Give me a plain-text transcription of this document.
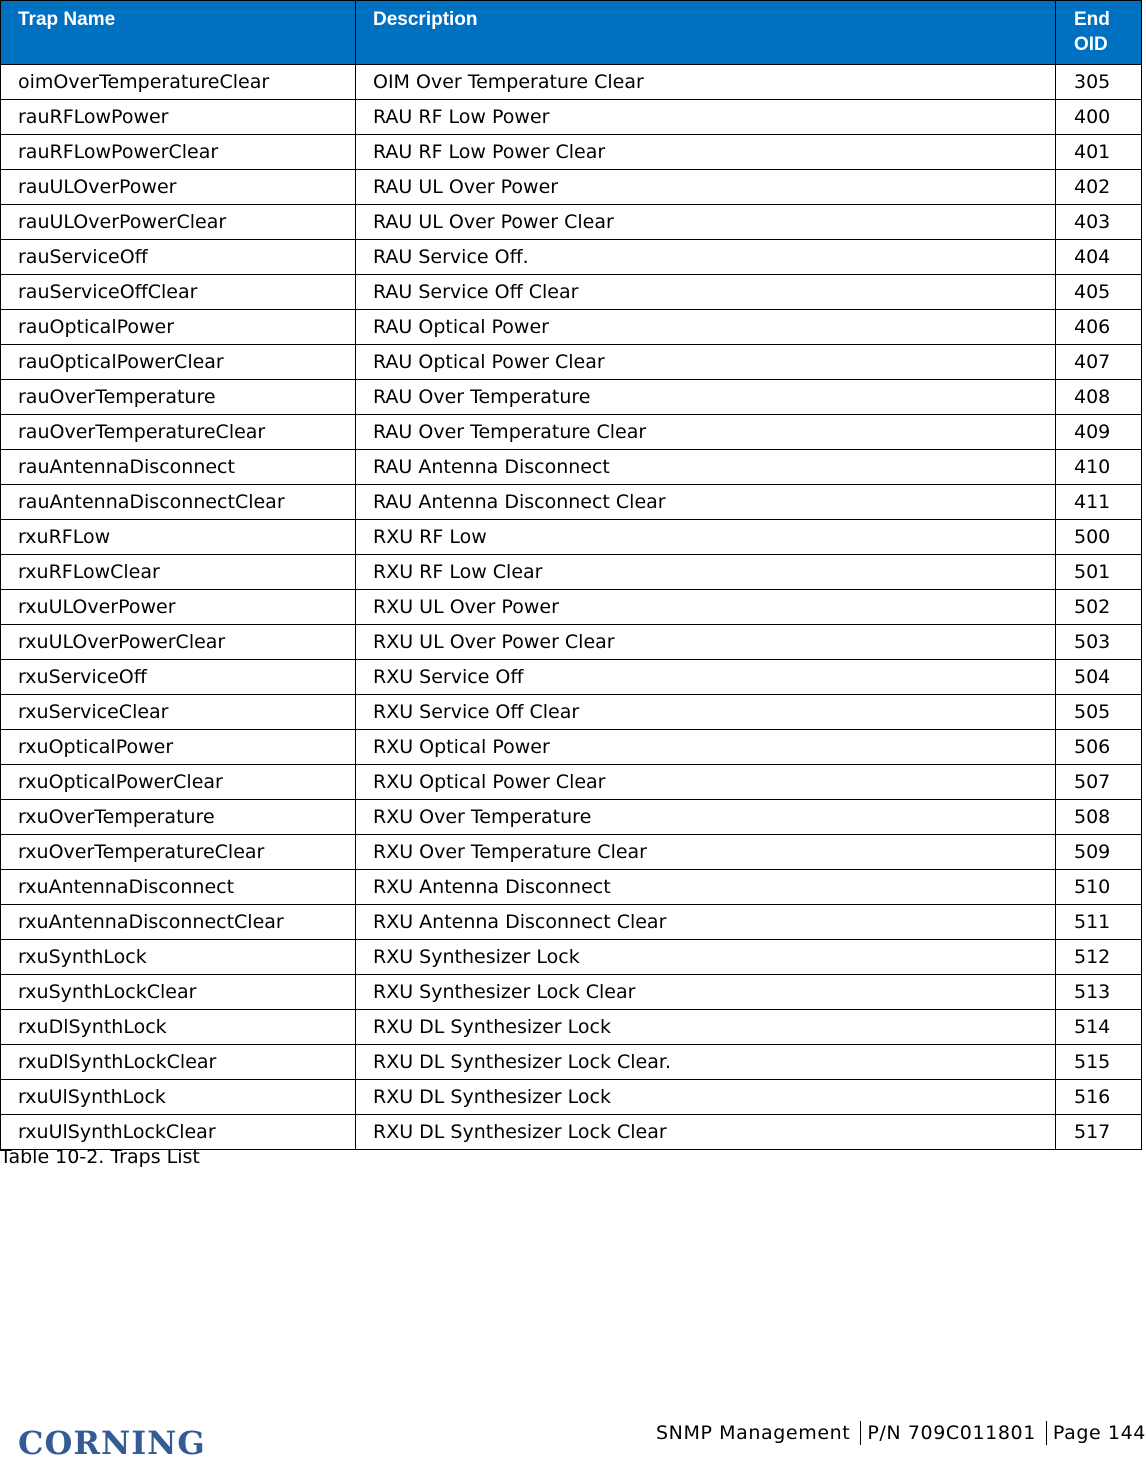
Trap Name	Description	End OID
oimOverTemperatureClear	OIM Over Temperature Clear	305
rauRFLowPower	RAU RF Low Power	400
rauRFLowPowerClear	RAU RF Low Power Clear	401
rauULOverPower	RAU UL Over Power	402
rauULOverPowerClear	RAU UL Over Power Clear	403
rauServiceOff	RAU Service Off.	404
rauServiceOffClear	RAU Service Off Clear	405
rauOpticalPower	RAU Optical Power	406
rauOpticalPowerClear	RAU Optical Power Clear	407
rauOverTemperature	RAU Over Temperature	408
rauOverTemperatureClear	RAU Over Temperature Clear	409
rauAntennaDisconnect	RAU Antenna Disconnect	410
rauAntennaDisconnectClear	RAU Antenna Disconnect Clear	411
rxuRFLow	RXU RF Low	500
rxuRFLowClear	RXU RF Low Clear	501
rxuULOverPower	RXU UL Over Power	502
rxuULOverPowerClear	RXU UL Over Power Clear	503
rxuServiceOff	RXU Service Off	504
rxuServiceClear	RXU Service Off Clear	505
rxuOpticalPower	RXU Optical Power	506
rxuOpticalPowerClear	RXU Optical Power Clear	507
rxuOverTemperature	RXU Over Temperature	508
rxuOverTemperatureClear	RXU Over Temperature Clear	509
rxuAntennaDisconnect	RXU Antenna Disconnect	510
rxuAntennaDisconnectClear	RXU Antenna Disconnect Clear	511
rxuSynthLock	RXU Synthesizer Lock	512
rxuSynthLockClear	RXU Synthesizer Lock Clear	513
rxuDlSynthLock	RXU DL Synthesizer Lock	514
rxuDlSynthLockClear	RXU DL Synthesizer Lock Clear.	515
rxuUlSynthLock	RXU DL Synthesizer Lock	516
rxuUlSynthLockClear	RXU DL Synthesizer Lock Clear	517
Table 10-2. Traps List
CORNING	SNMP Management P/N 709C011801 Page 144
